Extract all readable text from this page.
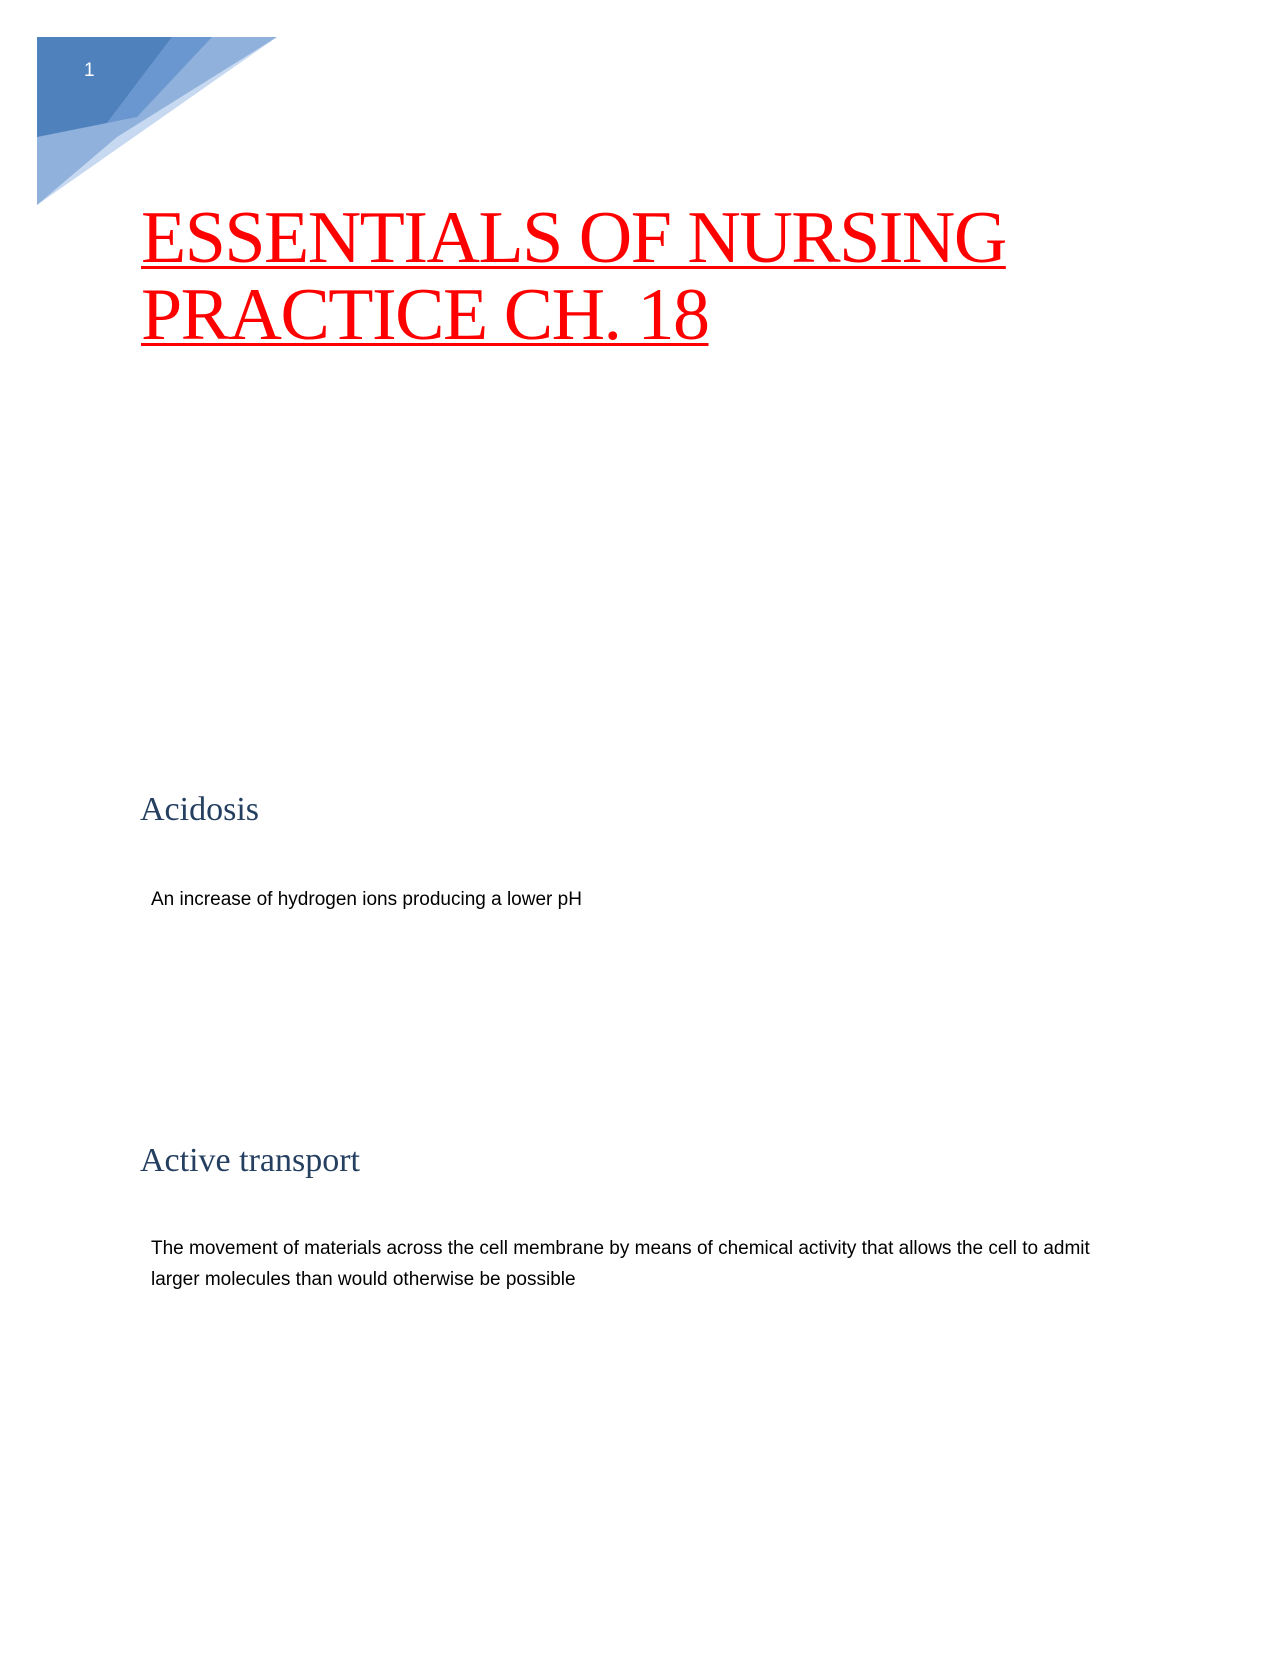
1
ESSENTIALS OF NURSING
PRACTICE CH. 18
Acidosis

An increase of hydrogen ions producing a lower pH

Active transport

The movement of materials across the cell membrane by means of chemical activity that allows the cell to admit larger molecules than would otherwise be possible
